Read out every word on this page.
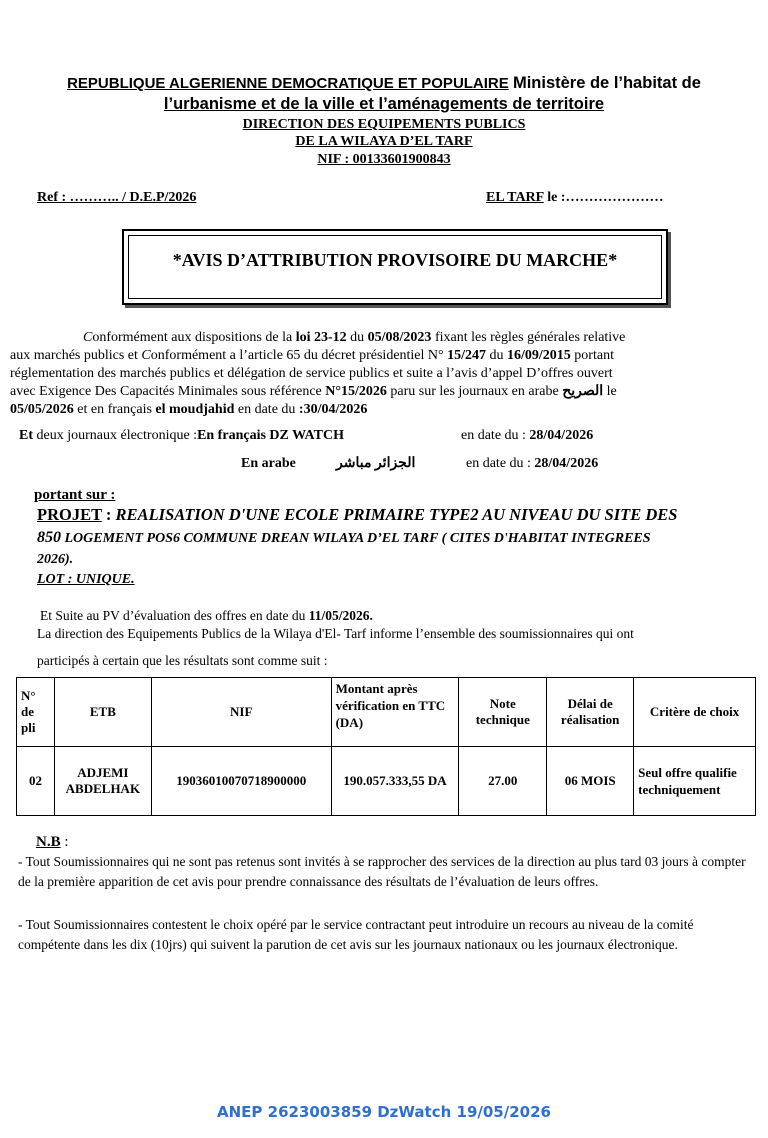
REPUBLIQUE ALGERIENNE DEMOCRATIQUE ET POPULAIRE Ministère de l’habitat de
l’urbanisme et de la ville et l’aménagements de territoire
DIRECTION DES EQUIPEMENTS PUBLICS
DE LA WILAYA D’EL TARF
NIF : 00133601900843
Ref : ……….. / D.E.P/2026	EL TARF le :…………………
*AVIS D’ATTRIBUTION PROVISOIRE DU MARCHE*
Conformément aux dispositions de la loi 23-12 du 05/08/2023 fixant les règles générales relative
aux marchés publics et Conformément a l’article 65 du décret présidentiel N° 15/247 du 16/09/2015 portant
réglementation des marchés publics et délégation de service publics et suite a l’avis d’appel D’offres ouvert
avec Exigence Des Capacités Minimales sous référence N°15/2026 paru sur les journaux en arabe الصريح le
05/05/2026 et en français el moudjahid en date du :30/04/2026
Et deux journaux électronique :En français DZ WATCH	en date du : 28/04/2026
En arabe	الجزائر مباشر	en date du : 28/04/2026
portant sur :
PROJET : REALISATION D'UNE ECOLE PRIMAIRE TYPE2 AU NIVEAU DU SITE DES
850 LOGEMENT POS6 COMMUNE DREAN WILAYA D’EL TARF ( CITES D'HABITAT INTEGREES
2026).
LOT : UNIQUE.
Et Suite au PV d’évaluation des offres en date du 11/05/2026.
La direction des Equipements Publics de la Wilaya d'El- Tarf informe l’ensemble des soumissionnaires qui ont
participés à certain que les résultats sont comme suit :
N° de pli	ETB	NIF	Montant après vérification en TTC (DA)	Note technique	Délai de réalisation	Critère de choix
02	ADJEMI ABDELHAK	19036010070718900000	190.057.333,55 DA	27.00	06 MOIS	Seul offre qualifie techniquement
N.B :
- Tout Soumissionnaires qui ne sont pas retenus sont invités à se rapprocher des services de la direction au plus tard 03 jours à compter de la première apparition de cet avis pour prendre connaissance des résultats de l’évaluation de leurs offres.
- Tout Soumissionnaires contestent le choix opéré par le service contractant peut introduire un recours au niveau de la comité compétente dans les dix (10jrs) qui suivent la parution de cet avis sur les journaux nationaux ou les journaux électronique.
ANEP 2623003859 DzWatch 19/05/2026
